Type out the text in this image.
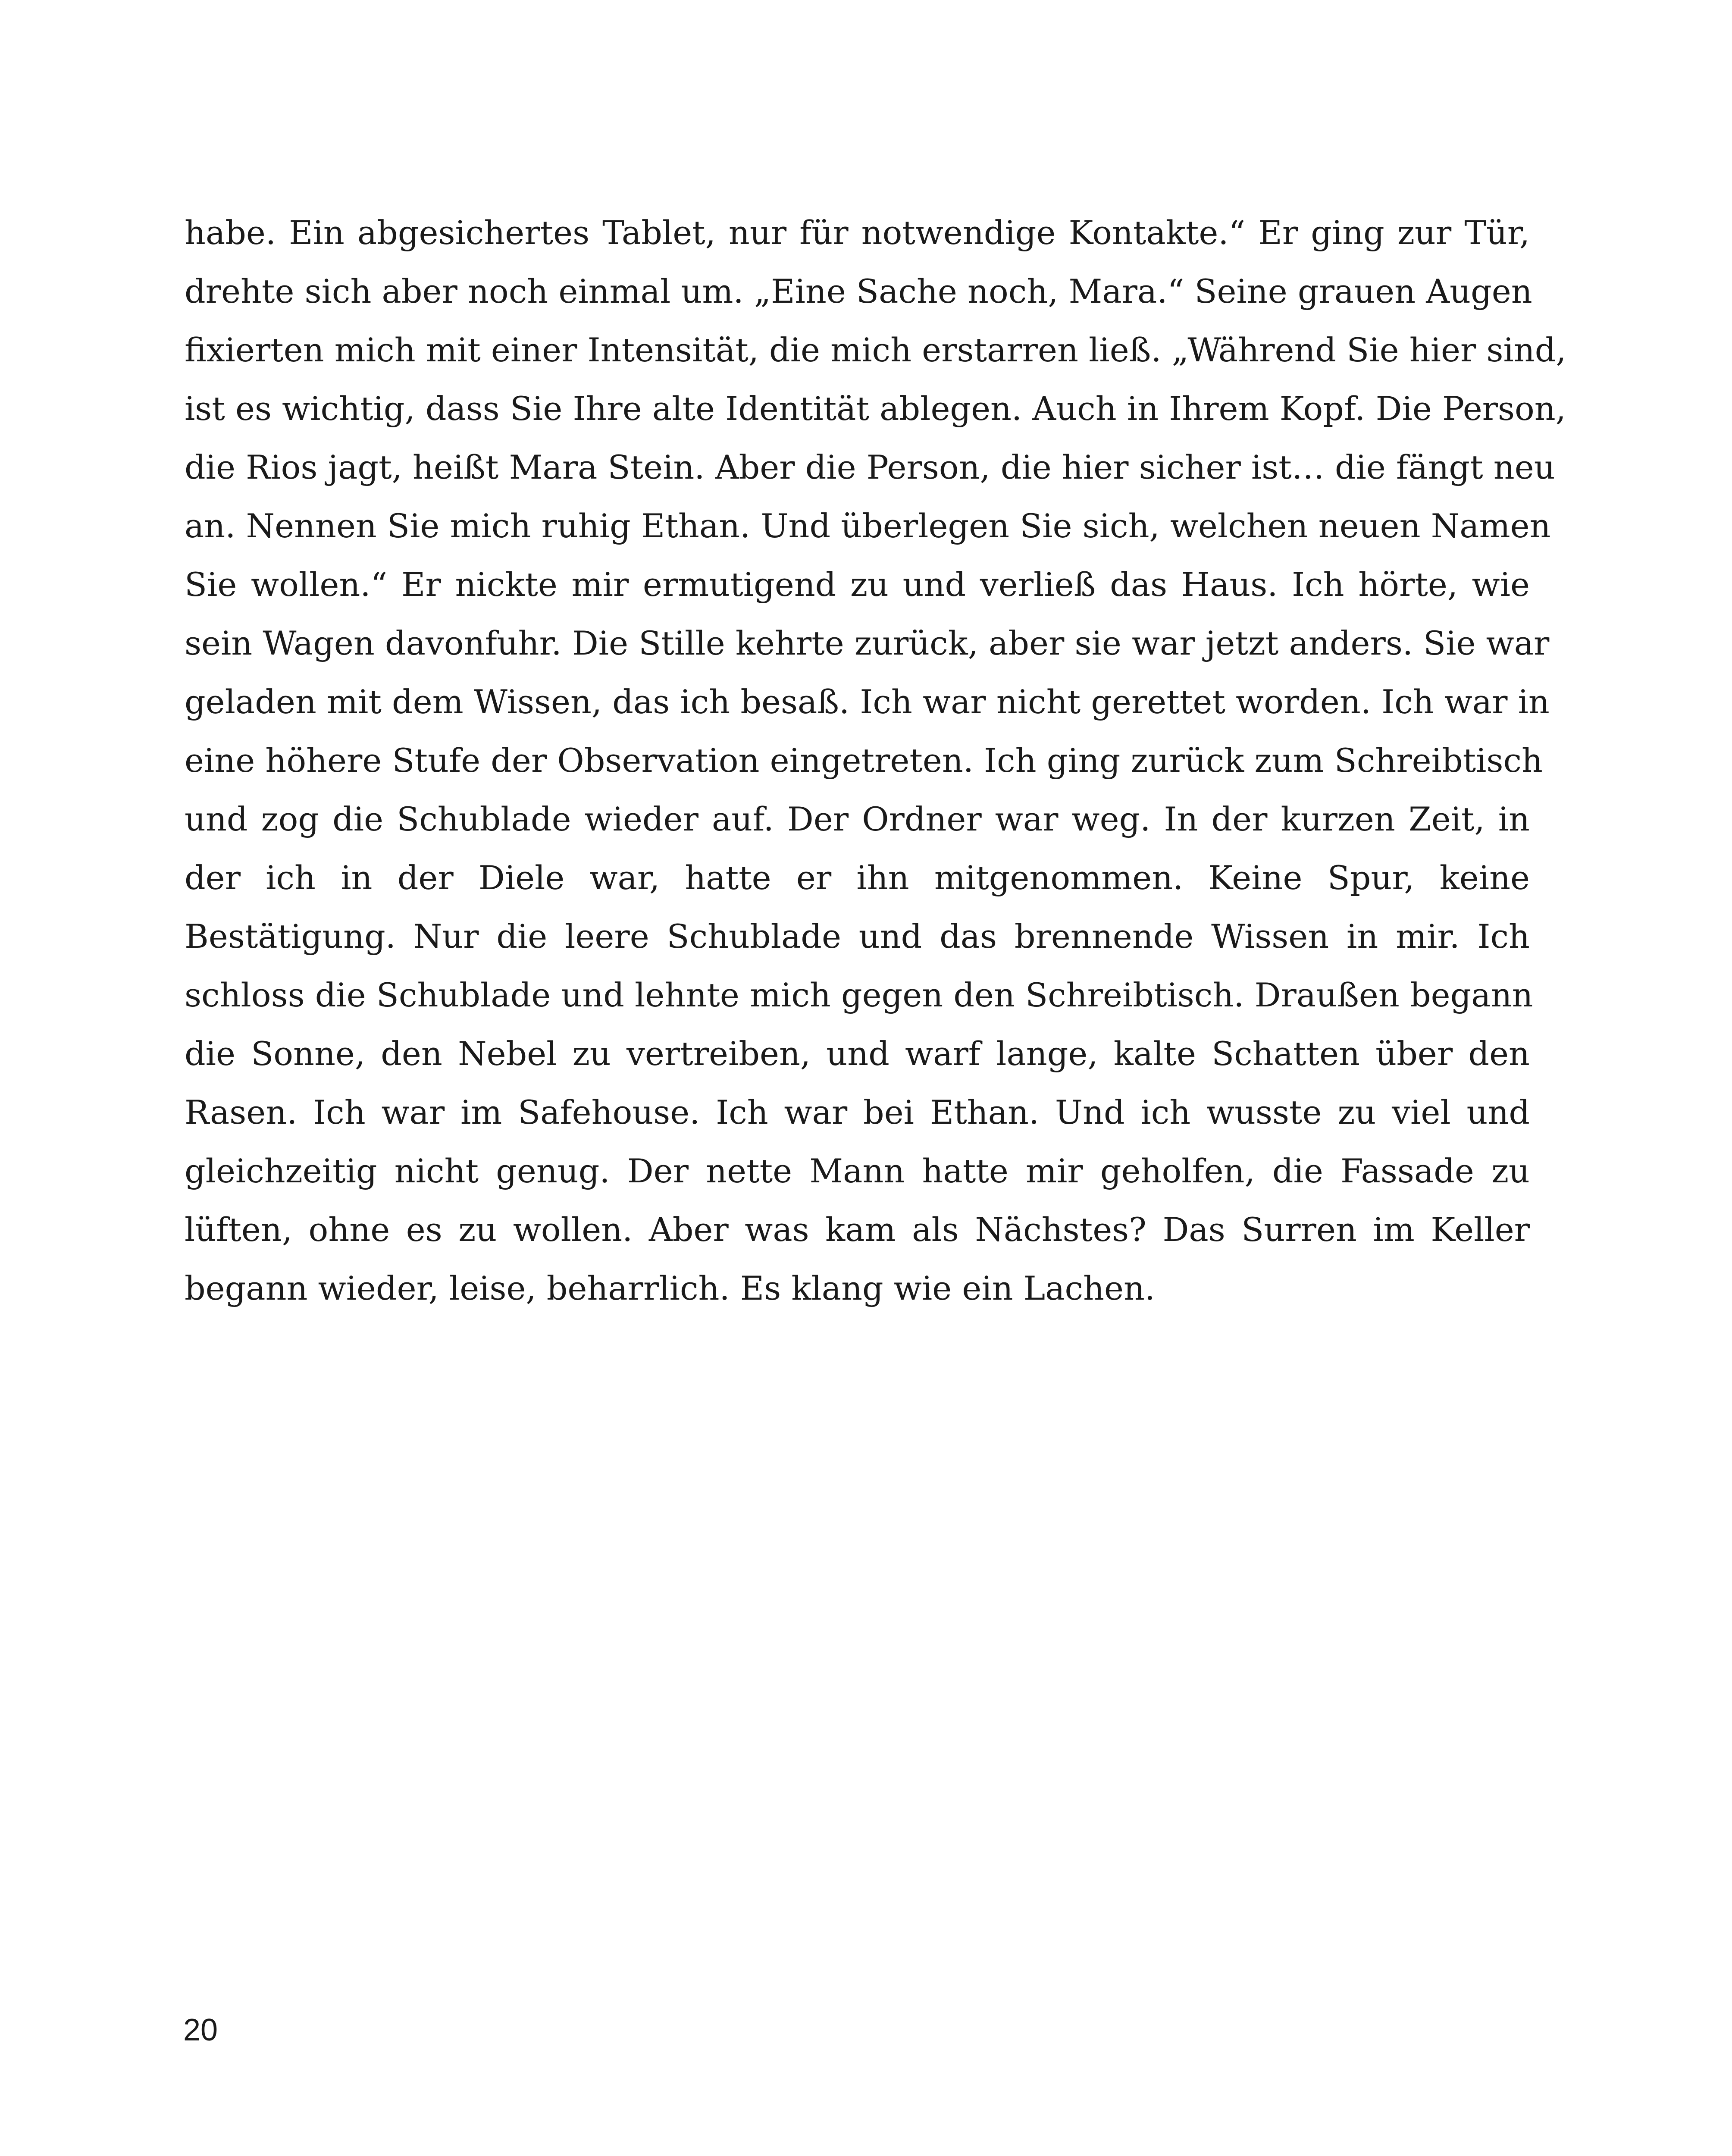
habe. Ein abgesichertes Tablet, nur für notwendige Kontakte.“ Er ging zur Tür,
drehte sich aber noch einmal um. „Eine Sache noch, Mara.“ Seine grauen Augen
fixierten mich mit einer Intensität, die mich erstarren ließ. „Während Sie hier sind,
ist es wichtig, dass Sie Ihre alte Identität ablegen. Auch in Ihrem Kopf. Die Person,
die Rios jagt, heißt Mara Stein. Aber die Person, die hier sicher ist… die fängt neu
an. Nennen Sie mich ruhig Ethan. Und überlegen Sie sich, welchen neuen Namen
Sie wollen.“ Er nickte mir ermutigend zu und verließ das Haus. Ich hörte, wie
sein Wagen davonfuhr. Die Stille kehrte zurück, aber sie war jetzt anders. Sie war
geladen mit dem Wissen, das ich besaß. Ich war nicht gerettet worden. Ich war in
eine höhere Stufe der Observation eingetreten. Ich ging zurück zum Schreibtisch
und zog die Schublade wieder auf. Der Ordner war weg. In der kurzen Zeit, in
der ich in der Diele war, hatte er ihn mitgenommen. Keine Spur, keine
Bestätigung. Nur die leere Schublade und das brennende Wissen in mir. Ich
schloss die Schublade und lehnte mich gegen den Schreibtisch. Draußen begann
die Sonne, den Nebel zu vertreiben, und warf lange, kalte Schatten über den
Rasen. Ich war im Safehouse. Ich war bei Ethan. Und ich wusste zu viel und
gleichzeitig nicht genug. Der nette Mann hatte mir geholfen, die Fassade zu
lüften, ohne es zu wollen. Aber was kam als Nächstes? Das Surren im Keller
begann wieder, leise, beharrlich. Es klang wie ein Lachen.
20
